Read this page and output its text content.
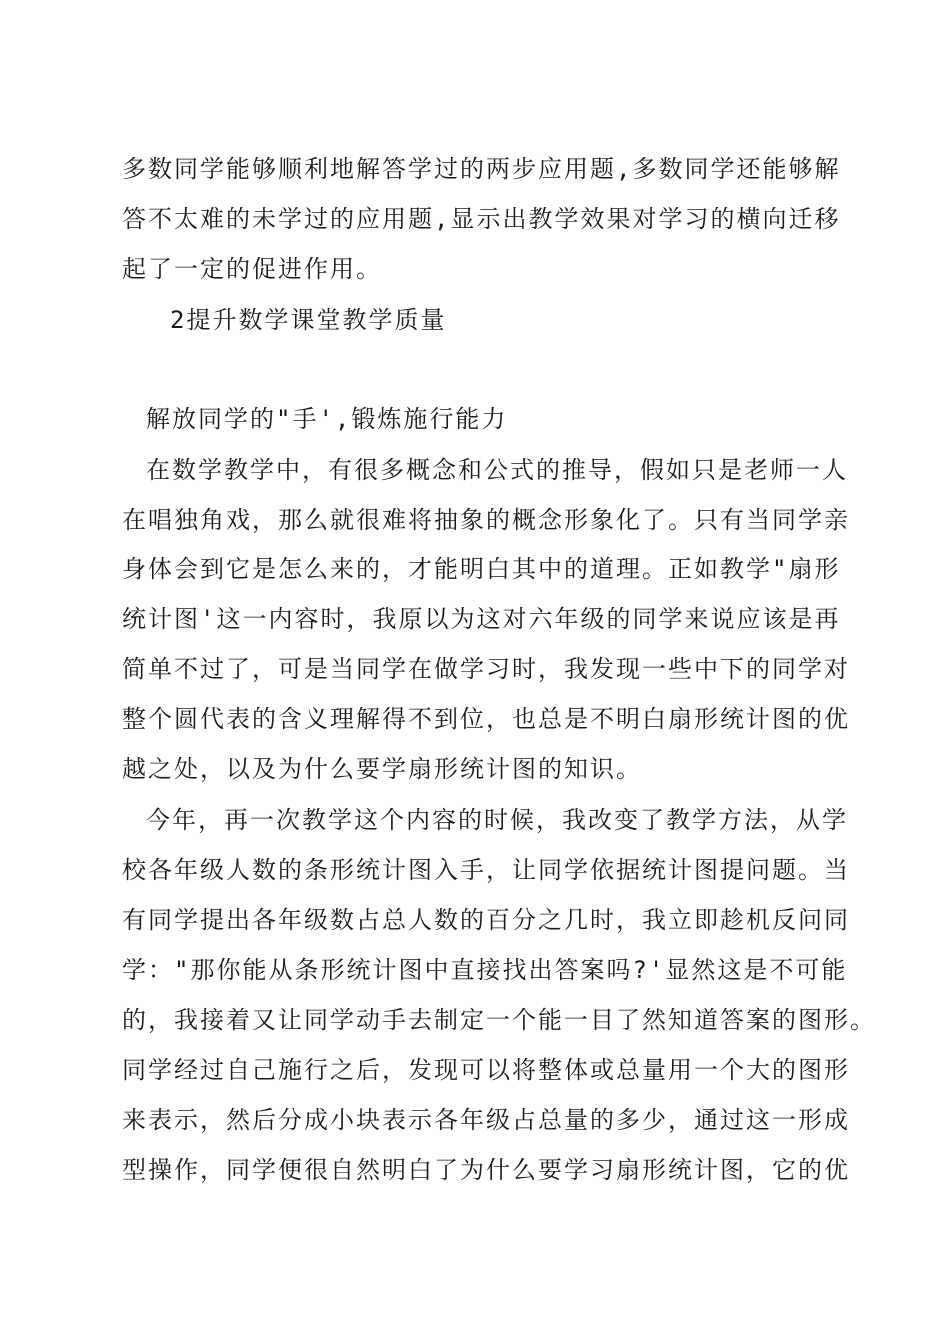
多数同学能够顺利地解答学过的两步应用题,多数同学还能够解
答不太难的未学过的应用题,显示出教学效果对学习的横向迁移
起了一定的促进作用。
2提升数学课堂教学质量
解放同学的"手',锻炼施行能力
在数学教学中，有很多概念和公式的推导，假如只是老师一人
在唱独角戏，那么就很难将抽象的概念形象化了。只有当同学亲
身体会到它是怎么来的，才能明白其中的道理。正如教学"扇形
统计图'这一内容时，我原以为这对六年级的同学来说应该是再
简单不过了，可是当同学在做学习时，我发现一些中下的同学对
整个圆代表的含义理解得不到位，也总是不明白扇形统计图的优
越之处，以及为什么要学扇形统计图的知识。
今年，再一次教学这个内容的时候，我改变了教学方法，从学
校各年级人数的条形统计图入手，让同学依据统计图提问题。当
有同学提出各年级数占总人数的百分之几时，我立即趁机反问同
学："那你能从条形统计图中直接找出答案吗?'显然这是不可能
的，我接着又让同学动手去制定一个能一目了然知道答案的图形。
同学经过自己施行之后，发现可以将整体或总量用一个大的图形
来表示，然后分成小块表示各年级占总量的多少，通过这一形成
型操作，同学便很自然明白了为什么要学习扇形统计图，它的优
